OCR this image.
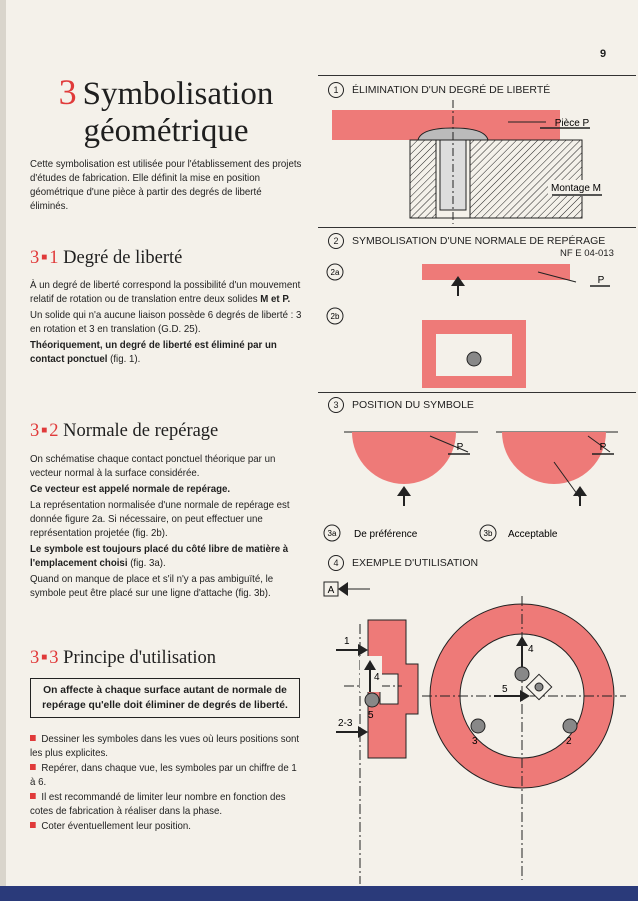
9
3 Symbolisation
géométrique

Cette symbolisation est utilisée pour l'établissement des projets d'études de fabrication. Elle définit la mise en position géométrique d'une pièce à partir des degrés de liberté éliminés.

3 ■ 1 Degré de liberté

À un degré de liberté correspond la possibilité d'un mouvement relatif de rotation ou de translation entre deux solides M et P.

Un solide qui n'a aucune liaison possède 6 degrés de liberté : 3 en rotation et 3 en translation (G.D. 25).

Théoriquement, un degré de liberté est éliminé par un contact ponctuel (fig. 1).

3 ■ 2 Normale de repérage

On schématise chaque contact ponctuel théorique par un vecteur normal à la surface considérée.

Ce vecteur est appelé normale de repérage.

La représentation normalisée d'une normale de repérage est donnée figure 2a. Si nécessaire, on peut effectuer une représentation projetée (fig. 2b).

Le symbole est toujours placé du côté libre de matière à l'emplacement choisi (fig. 3a).

Quand on manque de place et s'il n'y a pas ambiguïté, le symbole peut être placé sur une ligne d'attache (fig. 3b).

3 ■ 3 Principe d'utilisation
On affecte à chaque surface autant de normale de repérage qu'elle doit éliminer de degrés de liberté.

Dessiner les symboles dans les vues où leurs positions sont les plus explicites.

Repérer, dans chaque vue, les symboles par un chiffre de 1 à 6.

Il est recommandé de limiter leur nombre en fonction des cotes de fabrication à réaliser dans la phase.

Coter éventuellement leur position.

1	ÉLIMINATION D'UN DEGRÉ DE LIBERTÉ
Pièce P
Montage M
2	SYMBOLISATION D'UNE NORMALE DE REPÉRAGE
NF E 04-013
2a
P
2b
3	POSITION DU SYMBOLE
P	P
3a De préférence	3b Acceptable
4	EXEMPLE D'UTILISATION
A
1
4
5
2-3
4
5
3	2
